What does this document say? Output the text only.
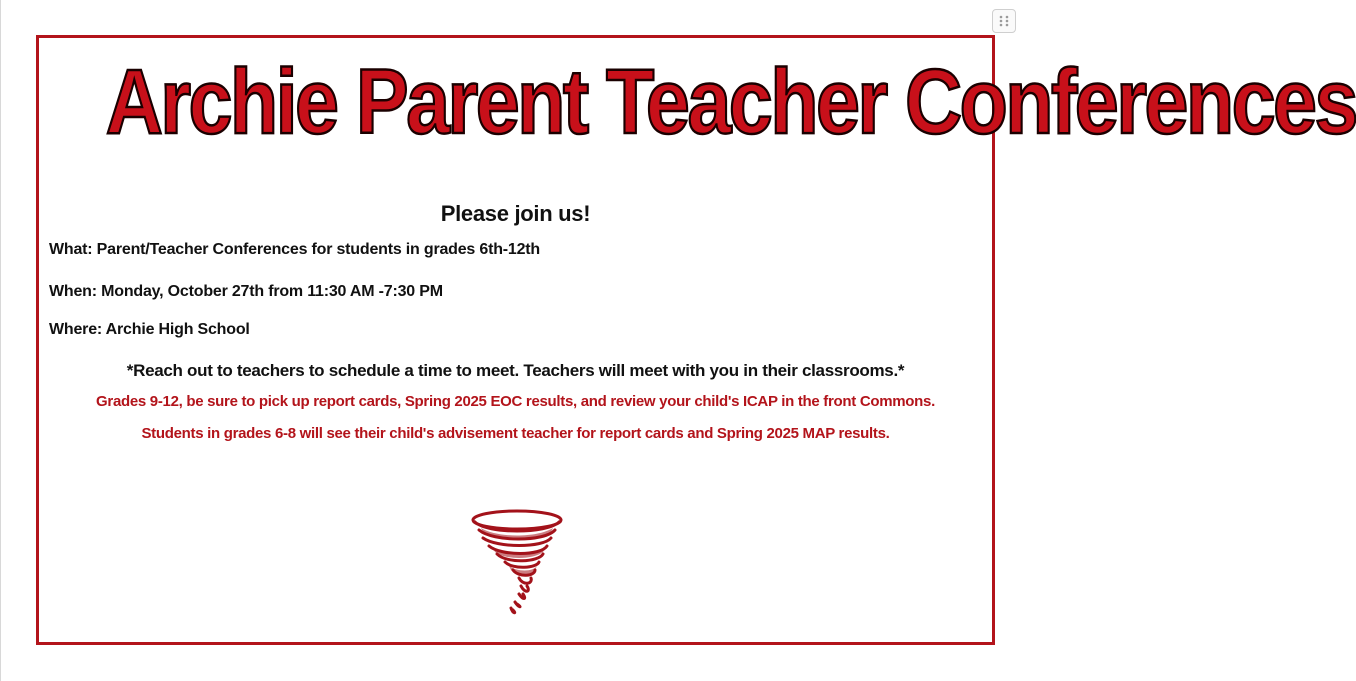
Archie Parent Teacher Conferences
Please join us!
What: Parent/Teacher Conferences for students in grades 6th-12th
When: Monday, October 27th from 11:30 AM -7:30 PM
Where: Archie High School
*Reach out to teachers to schedule a time to meet. Teachers will meet with you in their classrooms.*
Grades 9-12, be sure to pick up report cards, Spring 2025 EOC results, and review your child's ICAP in the front Commons.
Students in grades 6-8 will see their child's advisement teacher for report cards and Spring 2025 MAP results.
